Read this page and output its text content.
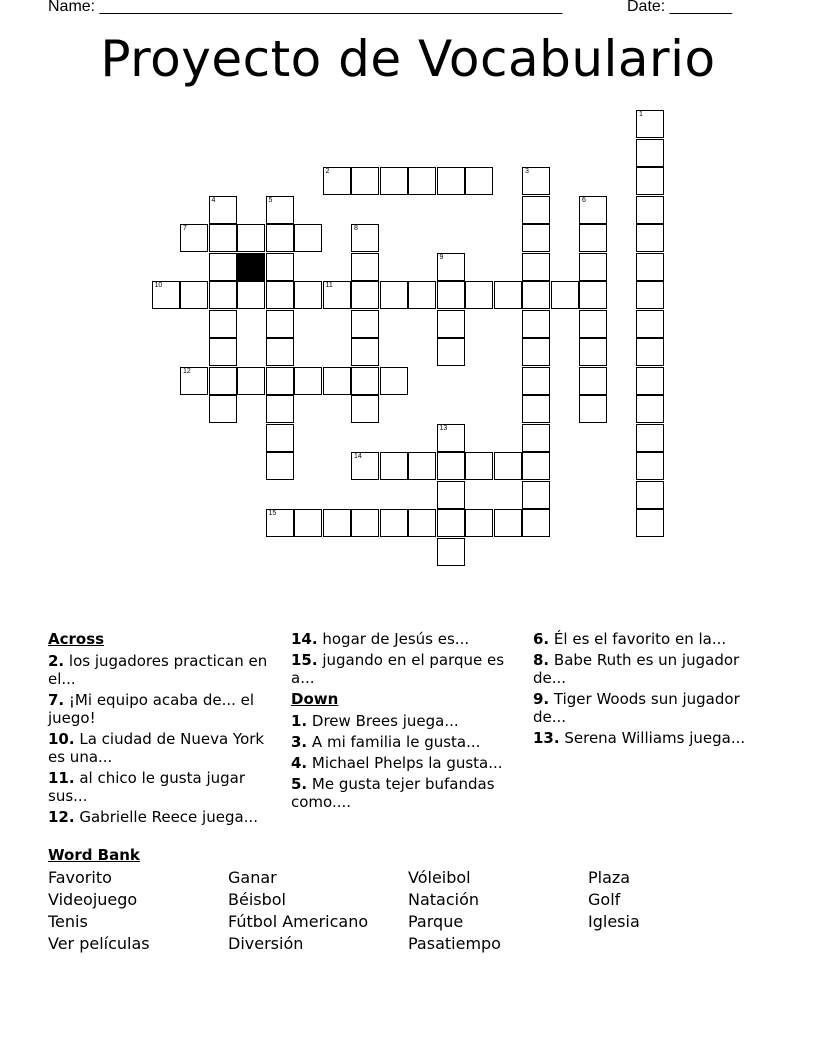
Name: ____________________________________________________	Date: _______
Proyecto de Vocabulario
2
7
10	11
12
14
15
1
3
4	5	6
8
9
13
Across
2. los jugadores practican en el...
7. ¡Mi equipo acaba de... el juego!
10. La ciudad de Nueva York es una...
11. al chico le gusta jugar sus...
12. Gabrielle Reece juega...
14. hogar de Jesús es...
15. jugando en el parque es a...
Down
1. Drew Brees juega...
3. A mi familia le gusta...
4. Michael Phelps la gusta...
5. Me gusta tejer bufandas como....
6. Él es el favorito en la...
8. Babe Ruth es un jugador de...
9. Tiger Woods sun jugador de...
13. Serena Williams juega...
Word Bank
Favorito
Videojuego
Tenis
Ver películas
Ganar
Béisbol
Fútbol Americano
Diversión
Vóleibol
Natación
Parque
Pasatiempo
Plaza
Golf
Iglesia
